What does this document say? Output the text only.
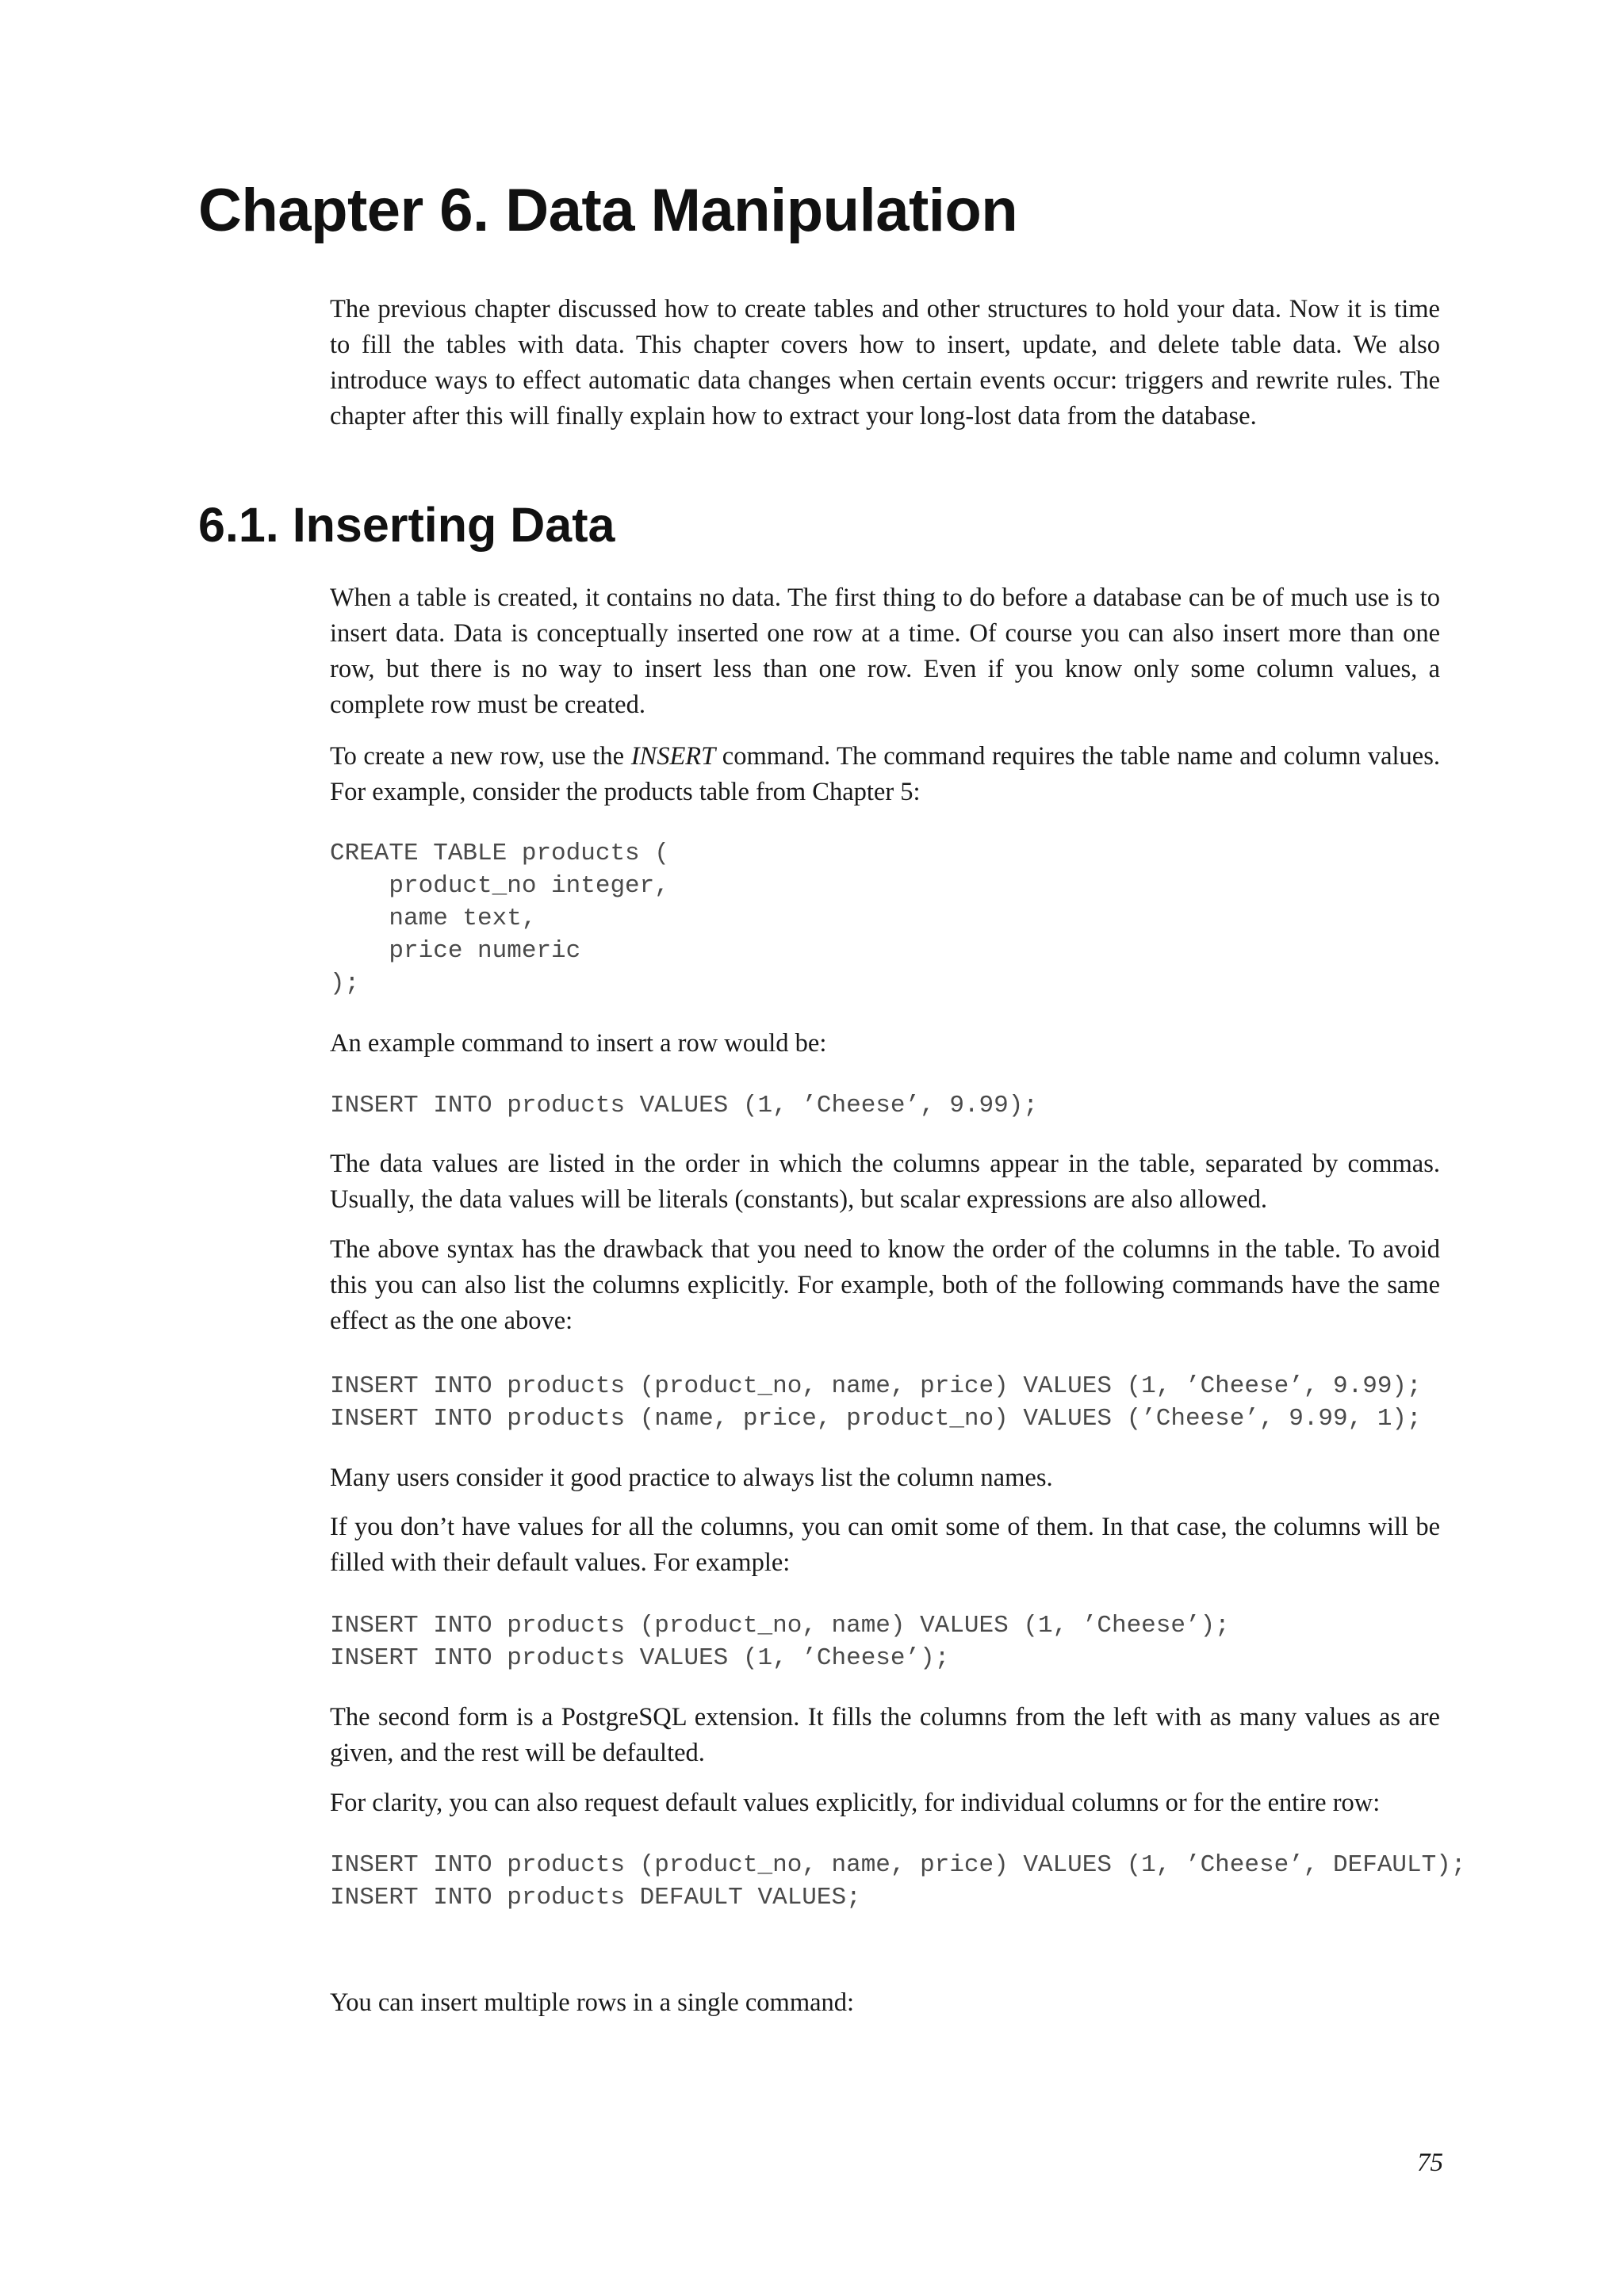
Chapter 6. Data Manipulation

The previous chapter discussed how to create tables and other structures to hold your data. Now it is time to fill the tables with data. This chapter covers how to insert, update, and delete table data. We also introduce ways to effect automatic data changes when certain events occur: triggers and rewrite rules. The chapter after this will finally explain how to extract your long-lost data from the database.

6.1. Inserting Data

When a table is created, it contains no data. The first thing to do before a database can be of much use is to insert data. Data is conceptually inserted one row at a time. Of course you can also insert more than one row, but there is no way to insert less than one row. Even if you know only some column values, a complete row must be created.

To create a new row, use the INSERT command. The command requires the table name and column values. For example, consider the products table from Chapter 5:

CREATE TABLE products (
product_no integer,
name text,
price numeric
);

An example command to insert a row would be:

INSERT INTO products VALUES (1, ’Cheese’, 9.99);

The data values are listed in the order in which the columns appear in the table, separated by commas. Usually, the data values will be literals (constants), but scalar expressions are also allowed.

The above syntax has the drawback that you need to know the order of the columns in the table. To avoid this you can also list the columns explicitly. For example, both of the following commands have the same effect as the one above:

INSERT INTO products (product_no, name, price) VALUES (1, ’Cheese’, 9.99);
INSERT INTO products (name, price, product_no) VALUES (’Cheese’, 9.99, 1);

Many users consider it good practice to always list the column names.

If you don’t have values for all the columns, you can omit some of them. In that case, the columns will be filled with their default values. For example:

INSERT INTO products (product_no, name) VALUES (1, ’Cheese’);
INSERT INTO products VALUES (1, ’Cheese’);

The second form is a PostgreSQL extension. It fills the columns from the left with as many values as are given, and the rest will be defaulted.

For clarity, you can also request default values explicitly, for individual columns or for the entire row:

INSERT INTO products (product_no, name, price) VALUES (1, ’Cheese’, DEFAULT);
INSERT INTO products DEFAULT VALUES;

You can insert multiple rows in a single command:

75
